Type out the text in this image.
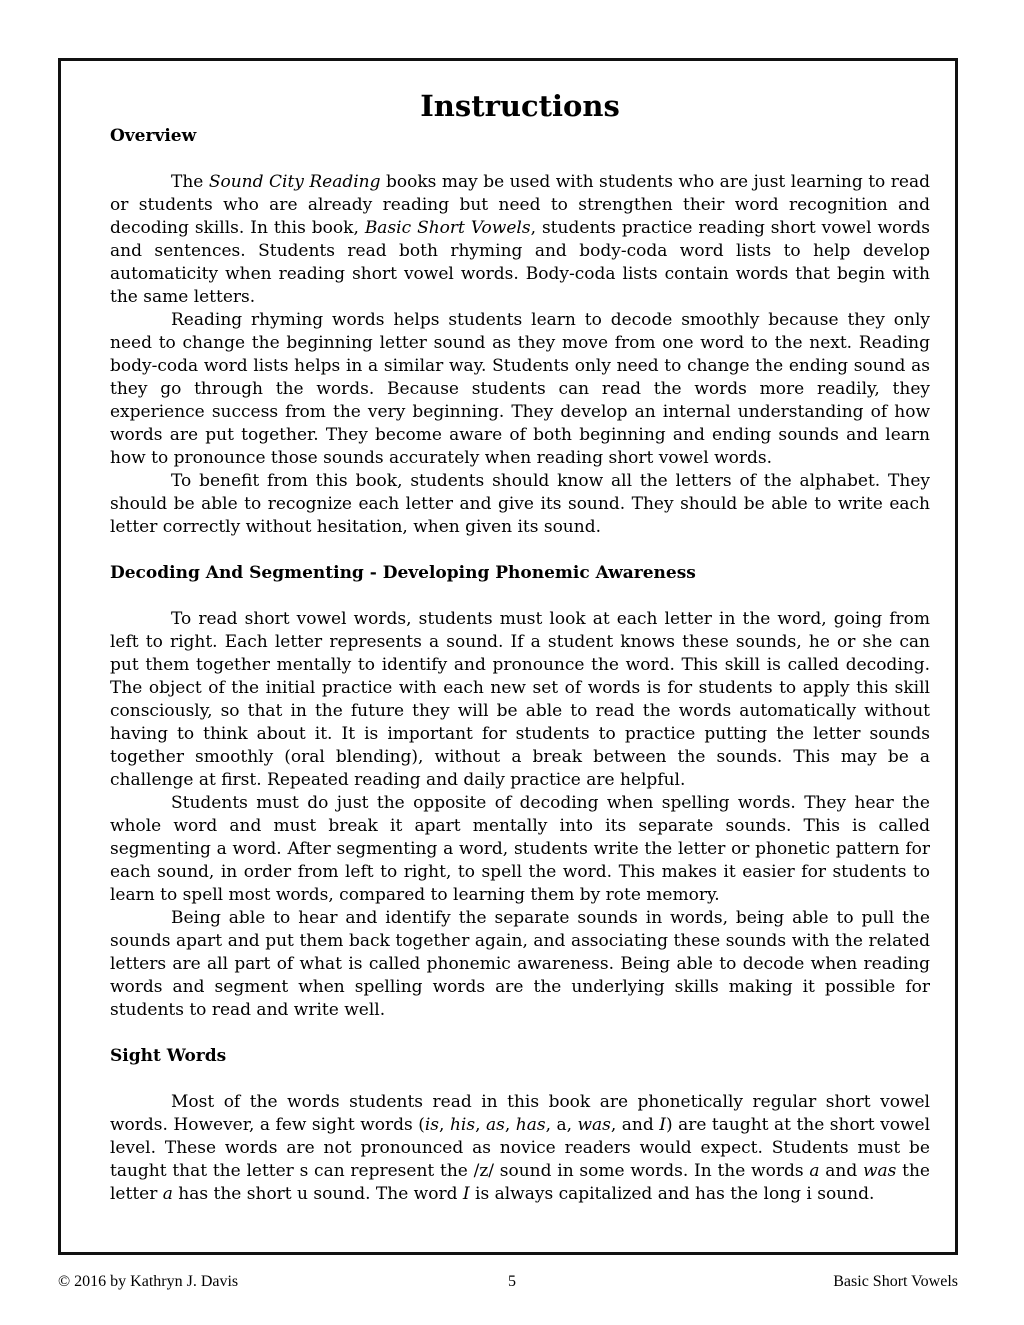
Instructions
Overview

The Sound City Reading books may be used with students who are just learning to read or students who are already reading but need to strengthen their word recognition and decoding skills. In this book, Basic Short Vowels, students practice reading short vowel words and sentences. Students read both rhyming and body-coda word lists to help develop automaticity when reading short vowel words. Body-coda lists contain words that begin with the same letters.

Reading rhyming words helps students learn to decode smoothly because they only need to change the beginning letter sound as they move from one word to the next. Reading body-coda word lists helps in a similar way. Students only need to change the ending sound as they go through the words. Because students can read the words more readily, they experience success from the very beginning. They develop an internal understanding of how words are put together. They become aware of both beginning and ending sounds and learn how to pronounce those sounds accurately when reading short vowel words.

To benefit from this book, students should know all the letters of the alphabet. They should be able to recognize each letter and give its sound. They should be able to write each letter correctly without hesitation, when given its sound.

Decoding And Segmenting - Developing Phonemic Awareness

To read short vowel words, students must look at each letter in the word, going from left to right. Each letter represents a sound. If a student knows these sounds, he or she can put them together mentally to identify and pronounce the word. This skill is called decoding. The object of the initial practice with each new set of words is for students to apply this skill consciously, so that in the future they will be able to read the words automatically without having to think about it. It is important for students to practice putting the letter sounds together smoothly (oral blending), without a break between the sounds. This may be a challenge at first. Repeated reading and daily practice are helpful.

Students must do just the opposite of decoding when spelling words. They hear the whole word and must break it apart mentally into its separate sounds. This is called segmenting a word. After segmenting a word, students write the letter or phonetic pattern for each sound, in order from left to right, to spell the word. This makes it easier for students to learn to spell most words, compared to learning them by rote memory.

Being able to hear and identify the separate sounds in words, being able to pull the sounds apart and put them back together again, and associating these sounds with the related letters are all part of what is called phonemic awareness. Being able to decode when reading words and segment when spelling words are the underlying skills making it possible for students to read and write well.

Sight Words

Most of the words students read in this book are phonetically regular short vowel words. However, a few sight words (is, his, as, has, a, was, and I) are taught at the short vowel level. These words are not pronounced as novice readers would expect. Students must be taught that the letter s can represent the /z/ sound in some words. In the words a and was the letter a has the short u sound. The word I is always capitalized and has the long i sound.

© 2016 by Kathryn J. Davis	5	Basic Short Vowels
